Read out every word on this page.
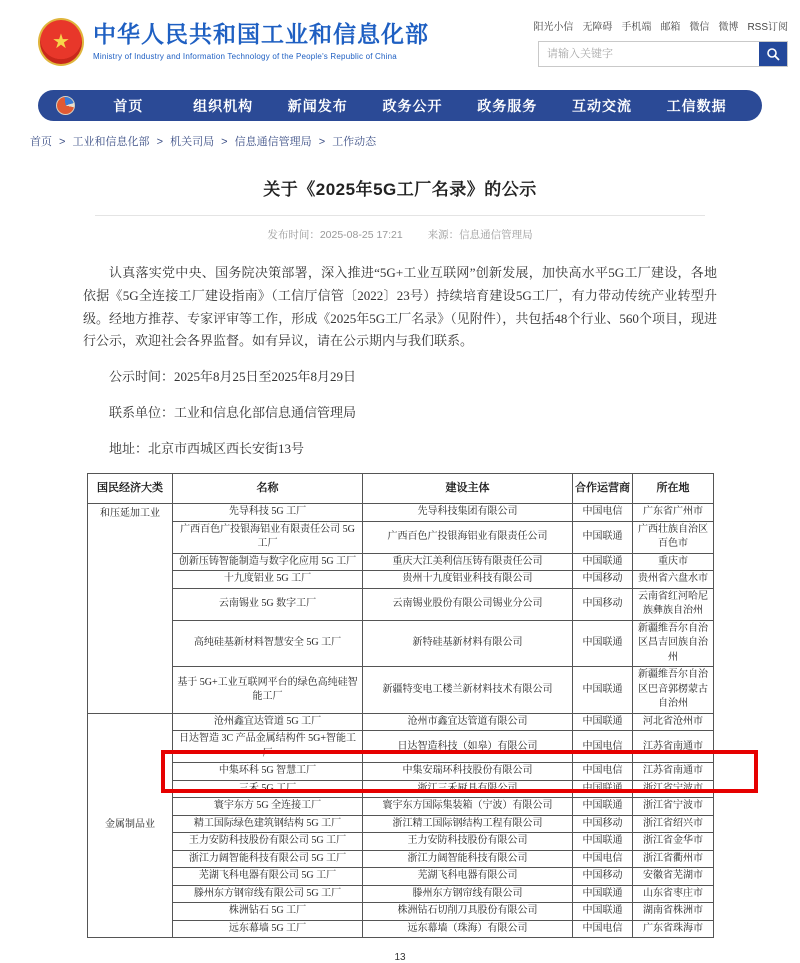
★	中华人民共和国工业和信息化部
Ministry of Industry and Information Technology of the People's Republic of China
阳光小信 无障碍 手机端 邮箱 微信 微博 RSS订阅
请输入关键字
首页	组织机构	新闻发布	政务公开	政务服务	互动交流	工信数据
首页 > 工业和信息化部 > 机关司局 > 信息通信管理局 > 工作动态
关于《2025年5G工厂名录》的公示
发布时间：2025-08-25 17:21 来源：信息通信管理局

认真落实党中央、国务院决策部署，深入推进“5G+工业互联网”创新发展，加快高水平5G工厂建设，各地依据《5G全连接工厂建设指南》（工信厅信管〔2022〕23号）持续培育建设5G工厂，有力带动传统产业转型升级。经地方推荐、专家评审等工作，形成《2025年5G工厂名录》（见附件），共包括48个行业、560个项目，现进行公示，欢迎社会各界监督。如有异议，请在公示期内与我们联系。

公示时间：2025年8月25日至2025年8月29日

联系单位：工业和信息化部信息通信管理局

地址：北京市西城区西长安街13号

国民经济大类	名称	建设主体	合作运营商	所在地
和压延加工业	先导科技 5G 工厂	先导科技集团有限公司	中国电信	广东省广州市
	广西百色广投银海铝业有限责任公司 5G 工厂	广西百色广投银海铝业有限责任公司	中国联通	广西壮族自治区百色市
	创新压铸智能制造与数字化应用 5G 工厂	重庆大江美利信压铸有限责任公司	中国联通	重庆市
	十九度铝业 5G 工厂	贵州十九度铝业科技有限公司	中国移动	贵州省六盘水市
	云南锡业 5G 数字工厂	云南锡业股份有限公司锡业分公司	中国移动	云南省红河哈尼族彝族自治州
	高纯硅基新材料智慧安全 5G 工厂	新特硅基新材料有限公司	中国联通	新疆维吾尔自治区昌吉回族自治州
	基于 5G+工业互联网平台的绿色高纯硅智能工厂	新疆特变电工楼兰新材料技术有限公司	中国联通	新疆维吾尔自治区巴音郭楞蒙古自治州
金属制品业	沧州鑫宜达管道 5G 工厂	沧州市鑫宜达管道有限公司	中国联通	河北省沧州市
	日达智造 3C 产品金属结构件 5G+智能工厂	日达智造科技（如皋）有限公司	中国电信	江苏省南通市
	中集环科 5G 智慧工厂	中集安瑞环科技股份有限公司	中国电信	江苏省南通市
	三禾 5G 工厂	浙江三禾厨具有限公司	中国联通	浙江省宁波市
	寰宇东方 5G 全连接工厂	寰宇东方国际集装箱（宁波）有限公司	中国联通	浙江省宁波市
	精工国际绿色建筑钢结构 5G 工厂	浙江精工国际钢结构工程有限公司	中国移动	浙江省绍兴市
	王力安防科技股份有限公司 5G 工厂	王力安防科技股份有限公司	中国联通	浙江省金华市
	浙江力阔智能科技有限公司 5G 工厂	浙江力阔智能科技有限公司	中国电信	浙江省衢州市
	芜湖飞科电器有限公司 5G 工厂	芜湖飞科电器有限公司	中国移动	安徽省芜湖市
	滕州东方钢帘线有限公司 5G 工厂	滕州东方钢帘线有限公司	中国联通	山东省枣庄市
	株洲钻石 5G 工厂	株洲钻石切削刀具股份有限公司	中国联通	湖南省株洲市
	远东幕墙 5G 工厂	远东幕墙（珠海）有限公司	中国电信	广东省珠海市
13
